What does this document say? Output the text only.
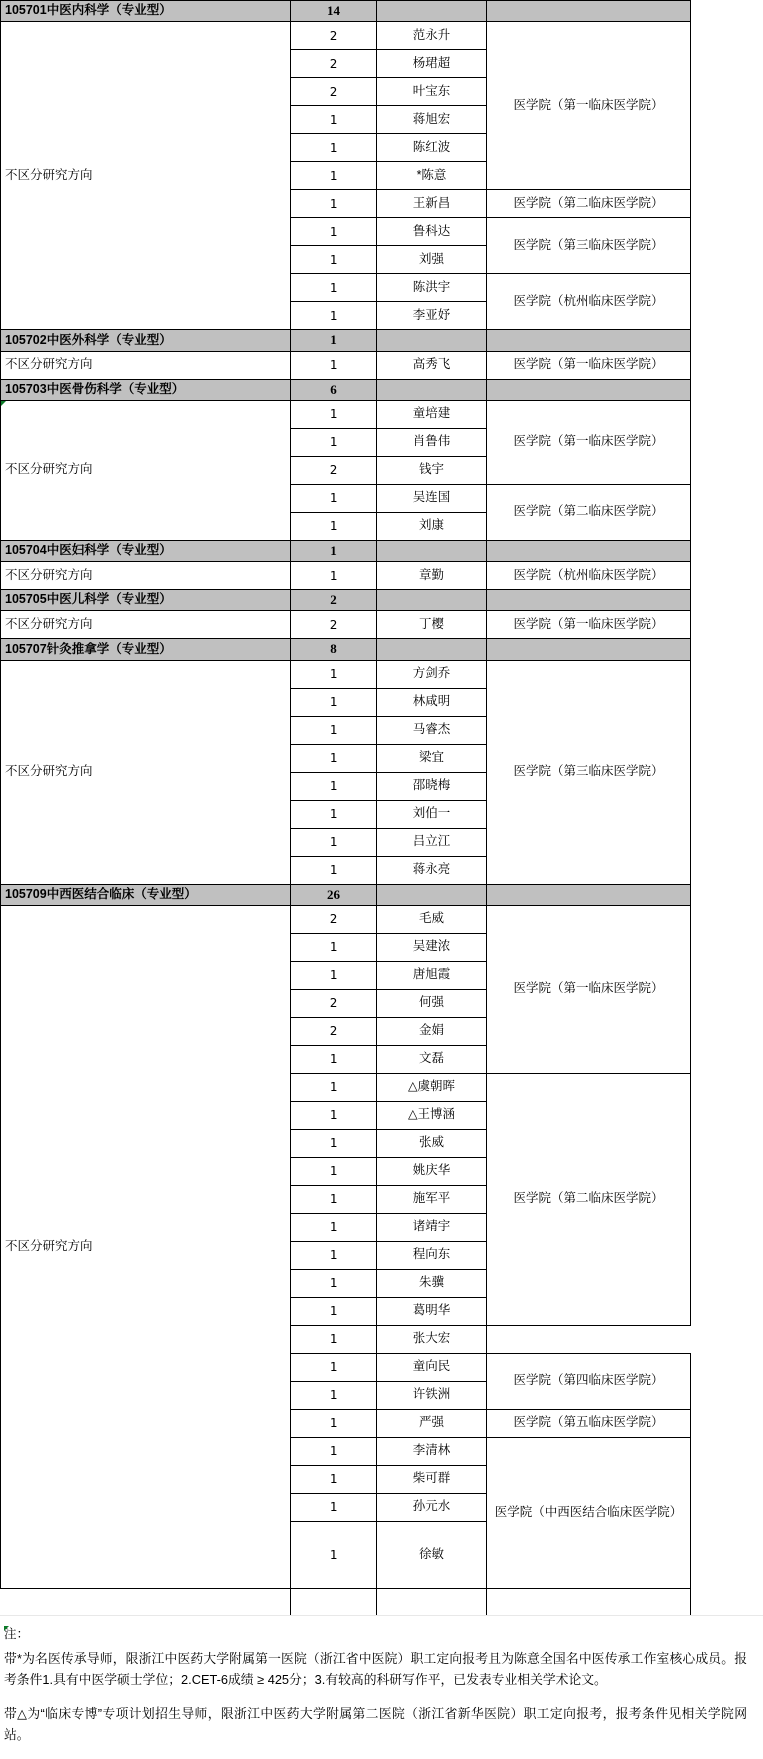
105701中医内科学（专业型）	14			
不区分研究方向	2	范永升	医学院（第一临床医学院）	
	2	杨珺超		
	2	叶宝东		
	1	蒋旭宏		
	1	陈红波		
	1	*陈意		
	1	王新昌	医学院（第二临床医学院）	
	1	鲁科达	医学院（第三临床医学院）	
	1	刘强		
	1	陈洪宇	医学院（杭州临床医学院）	
	1	李亚妤		
105702中医外科学（专业型）	1			
不区分研究方向	1	高秀飞	医学院（第一临床医学院）	
105703中医骨伤科学（专业型）	6			
不区分研究方向	1	童培建	医学院（第一临床医学院）	
	1	肖鲁伟		
	2	钱宇		
	1	吴连国	医学院（第二临床医学院）	
	1	刘康		
105704中医妇科学（专业型）	1			
不区分研究方向	1	章勤	医学院（杭州临床医学院）	
105705中医儿科学（专业型）	2			
不区分研究方向	2	丁樱	医学院（第一临床医学院）	
105707针灸推拿学（专业型）	8			
不区分研究方向	1	方剑乔	医学院（第三临床医学院）	
	1	林咸明		
	1	马睿杰		
	1	梁宜		
	1	邵晓梅		
	1	刘伯一		
	1	吕立江		
	1	蒋永亮		
105709中西医结合临床（专业型）	26			
不区分研究方向	2	毛威	医学院（第一临床医学院）	
	1	吴建浓		
	1	唐旭霞		
	2	何强		
	2	金娟		
	1	文磊		
	1	△虞朝晖	医学院（第二临床医学院）	
	1	△王博涵		
	1	张威		
	1	姚庆华		
	1	施军平		
	1	诸靖宇		
	1	程向东		
	1	朱骥		
	1	葛明华		
	1	张大宏		
	1	童向民	医学院（第四临床医学院）	
	1	许铁洲		
	1	严强	医学院（第五临床医学院）	
	1	李清林	医学院（中西医结合临床医学院）	
	1	柴可群		
	1	孙元水		
	1	徐敏	

注：

带*为名医传承导师，限浙江中医药大学附属第一医院（浙江省中医院）职工定向报考且为陈意全国名中医传承工作室核心成员。报考条件1.具有中医学硕士学位；2.CET-6成绩 ≥ 425分；3.有较高的科研写作平，已发表专业相关学术论文。

带△为“临床专博”专项计划招生导师，限浙江中医药大学附属第二医院（浙江省新华医院）职工定向报考，报考条件见相关学院网站。
